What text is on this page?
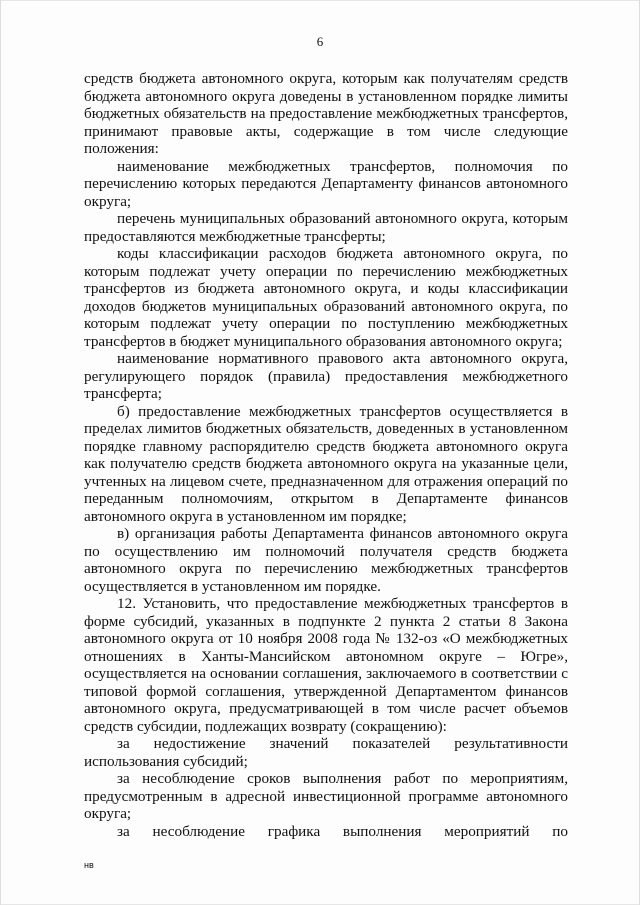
6

средств бюджета автономного округа, которым как получателям средств бюджета автономного округа доведены в установленном порядке лимиты бюджетных обязательств на предоставление межбюджетных трансфертов, принимают правовые акты, содержащие в том числе следующие положения:

наименование межбюджетных трансфертов, полномочия по перечислению которых передаются Департаменту финансов автономного округа;

перечень муниципальных образований автономного округа, которым предоставляются межбюджетные трансферты;

коды классификации расходов бюджета автономного округа, по которым подлежат учету операции по перечислению межбюджетных трансфертов из бюджета автономного округа, и коды классификации доходов бюджетов муниципальных образований автономного округа, по которым подлежат учету операции по поступлению межбюджетных трансфертов в бюджет муниципального образования автономного округа;

наименование нормативного правового акта автономного округа, регулирующего порядок (правила) предоставления межбюджетного трансферта;

б) предоставление межбюджетных трансфертов осуществляется в пределах лимитов бюджетных обязательств, доведенных в установленном порядке главному распорядителю средств бюджета автономного округа как получателю средств бюджета автономного округа на указанные цели, учтенных на лицевом счете, предназначенном для отражения операций по переданным полномочиям, открытом в Департаменте финансов автономного округа в установленном им порядке;

в) организация работы Департамента финансов автономного округа по осуществлению им полномочий получателя средств бюджета автономного округа по перечислению межбюджетных трансфертов осуществляется в установленном им порядке.

12. Установить, что предоставление межбюджетных трансфертов в форме субсидий, указанных в подпункте 2 пункта 2 статьи 8 Закона автономного округа от 10 ноября 2008 года № 132-оз «О межбюджетных отношениях в Ханты-Мансийском автономном округе – Югре», осуществляется на основании соглашения, заключаемого в соответствии с типовой формой соглашения, утвержденной Департаментом финансов автономного округа, предусматривающей в том числе расчет объемов средств субсидии, подлежащих возврату (сокращению):

за недостижение значений показателей результативности использования субсидий;

за несоблюдение сроков выполнения работ по мероприятиям, предусмотренным в адресной инвестиционной программе автономного округа;

за несоблюдение графика выполнения мероприятий по

нв
